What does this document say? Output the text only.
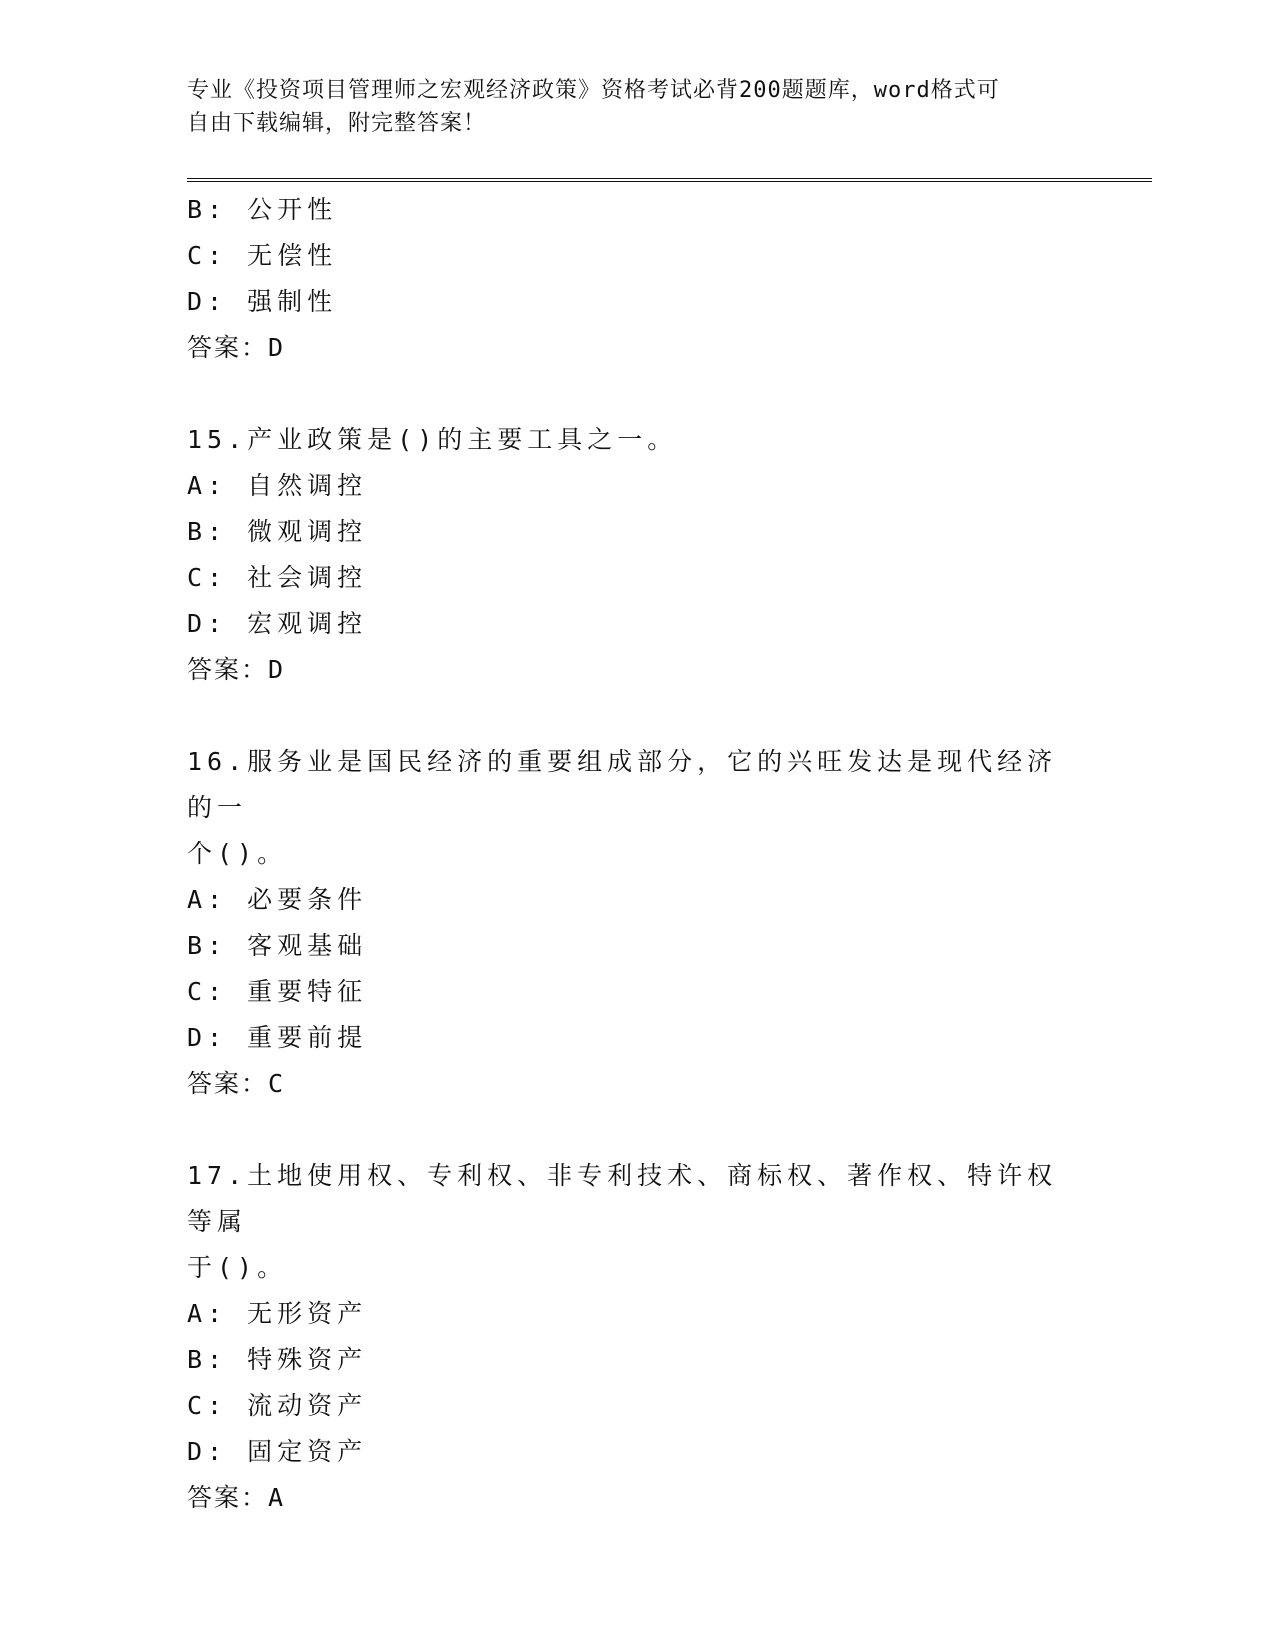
专业《投资项目管理师之宏观经济政策》资格考试必背200题题库，word格式可
自由下载编辑，附完整答案！
B: 公开性
C: 无偿性
D: 强制性
答案：D
15.产业政策是()的主要工具之一。
A: 自然调控
B: 微观调控
C: 社会调控
D: 宏观调控
答案：D
16.服务业是国民经济的重要组成部分，它的兴旺发达是现代经济的一
个()。
A: 必要条件
B: 客观基础
C: 重要特征
D: 重要前提
答案：C
17.土地使用权、专利权、非专利技术、商标权、著作权、特许权等属
于()。
A: 无形资产
B: 特殊资产
C: 流动资产
D: 固定资产
答案：A
